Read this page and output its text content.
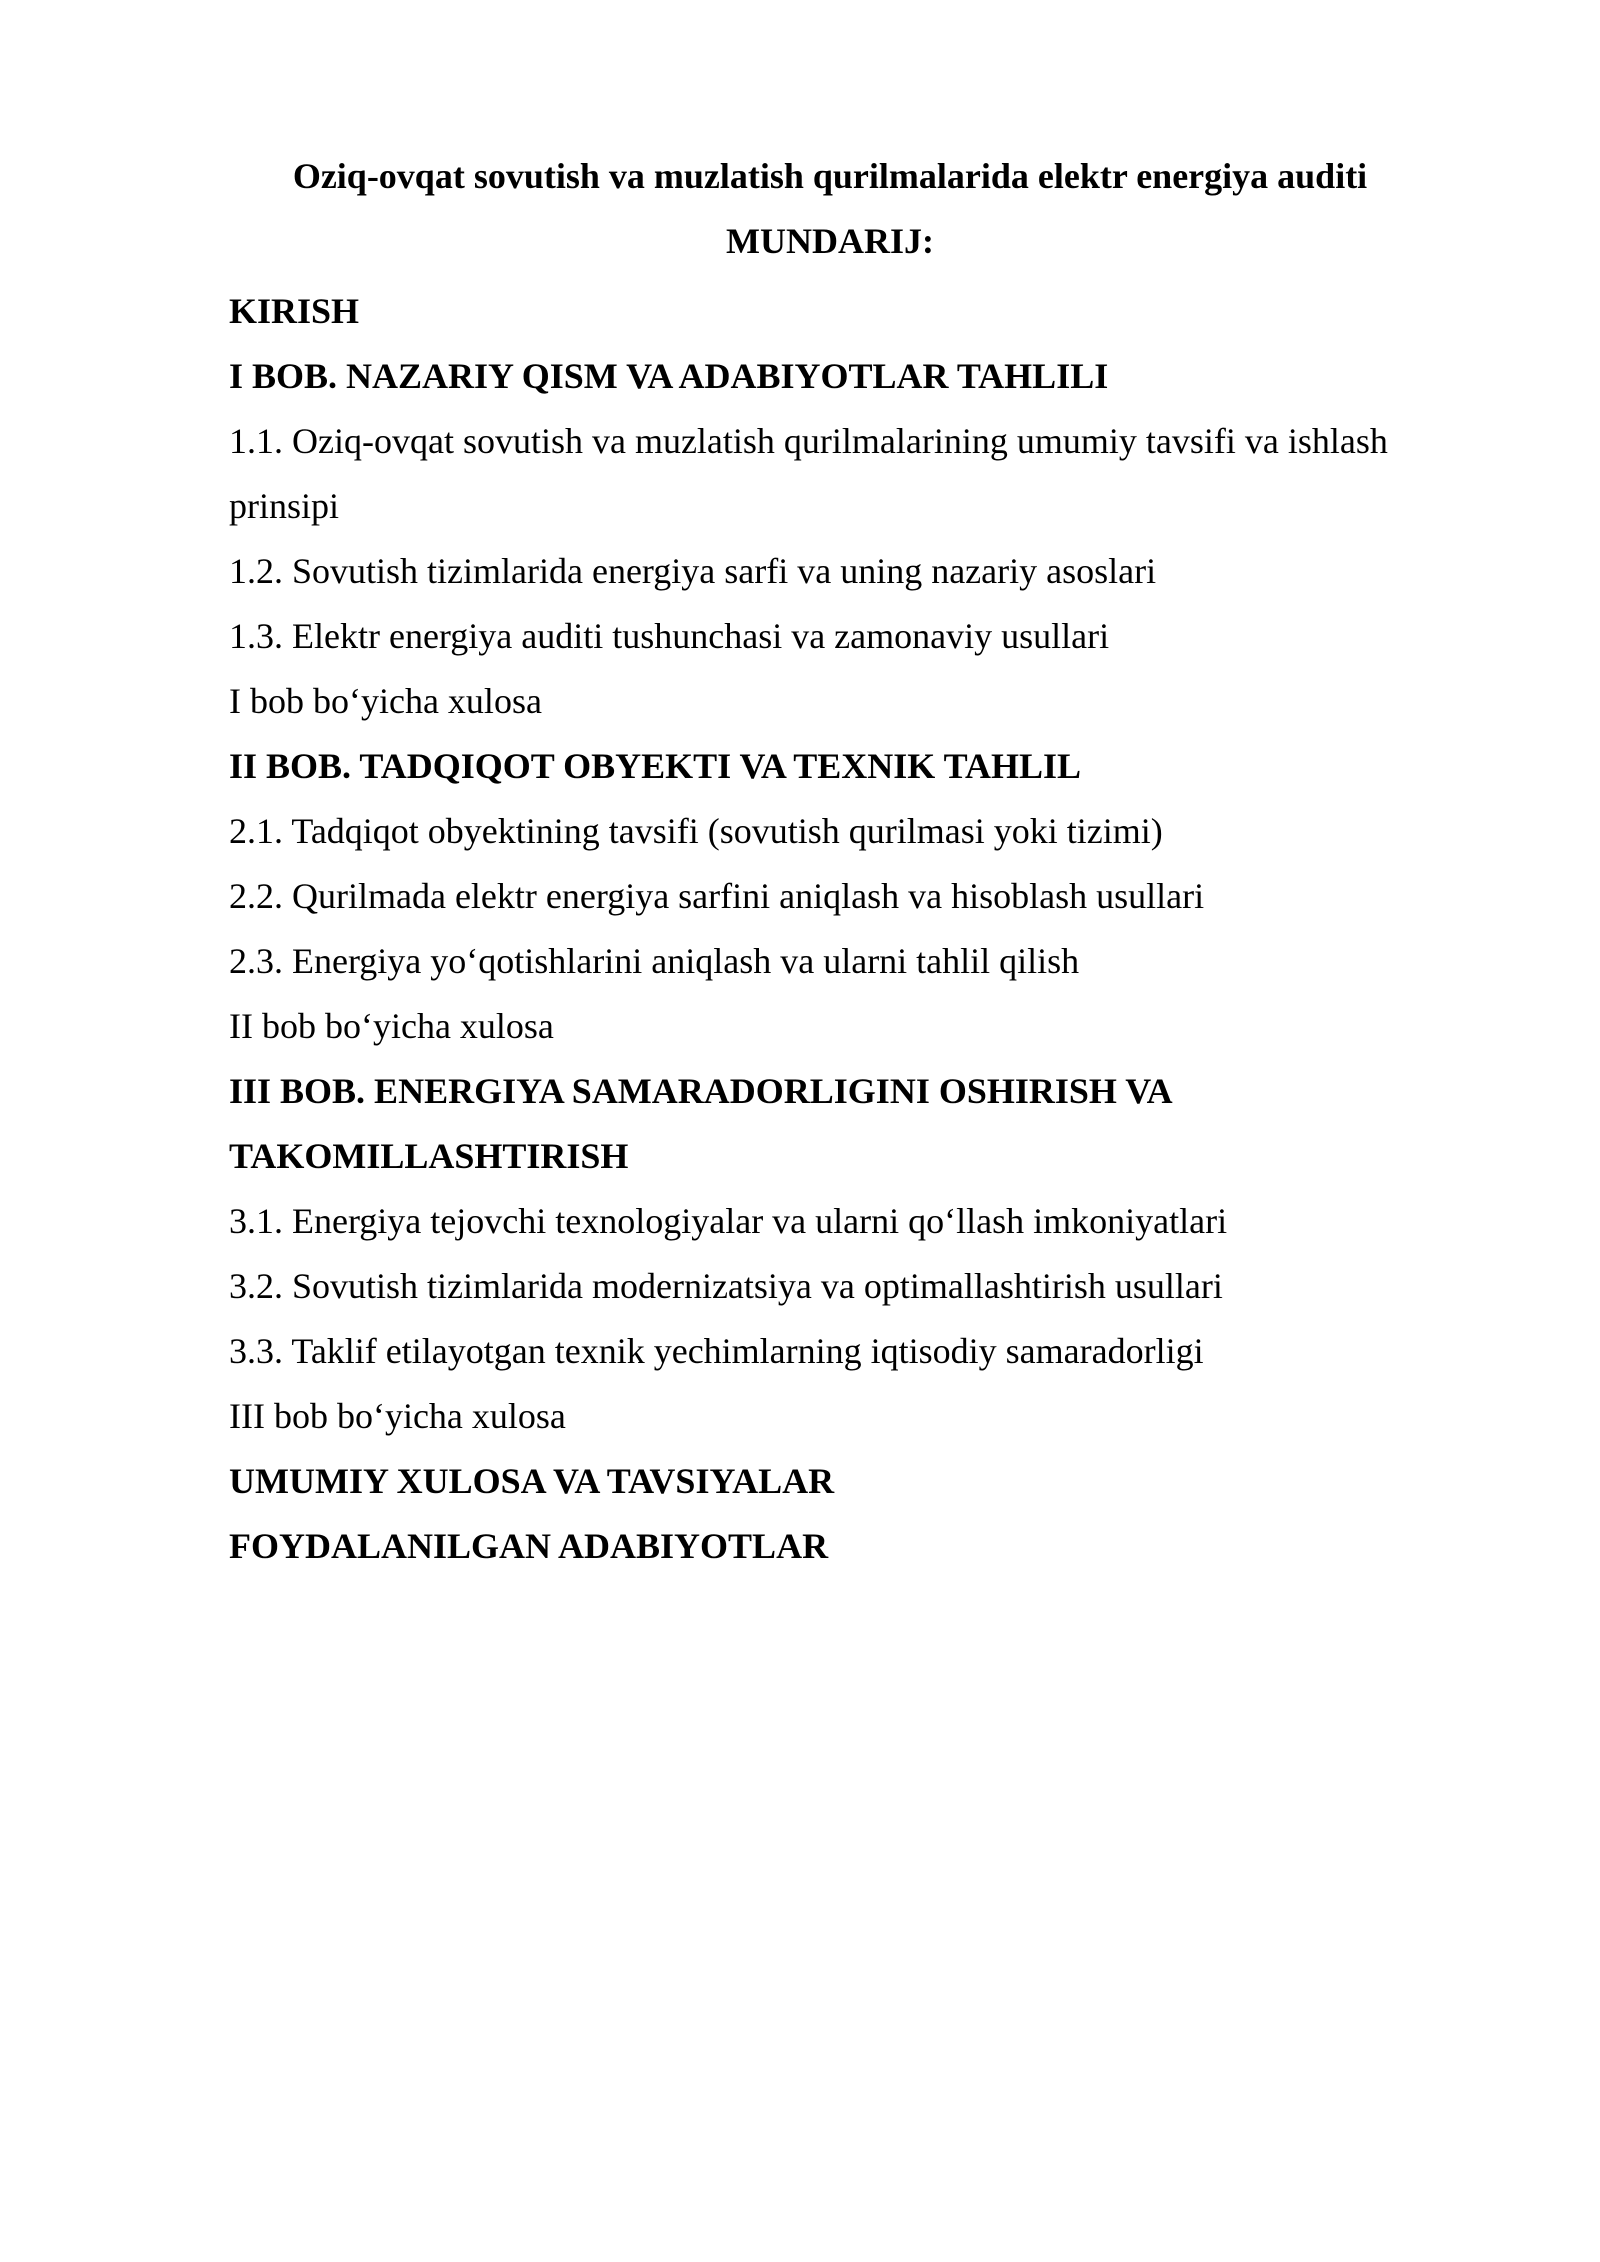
Oziq-ovqat sovutish va muzlatish qurilmalarida elektr energiya auditi
MUNDARIJ:
KIRISH
I BOB. NAZARIY QISM VA ADABIYOTLAR TAHLILI
1.1. Oziq-ovqat sovutish va muzlatish qurilmalarining umumiy tavsifi va ishlash
prinsipi
1.2. Sovutish tizimlarida energiya sarfi va uning nazariy asoslari
1.3. Elektr energiya auditi tushunchasi va zamonaviy usullari
I bob bo‘yicha xulosa
II BOB. TADQIQOT OBYEKTI VA TEXNIK TAHLIL
2.1. Tadqiqot obyektining tavsifi (sovutish qurilmasi yoki tizimi)
2.2. Qurilmada elektr energiya sarfini aniqlash va hisoblash usullari
2.3. Energiya yo‘qotishlarini aniqlash va ularni tahlil qilish
II bob bo‘yicha xulosa
III BOB. ENERGIYA SAMARADORLIGINI OSHIRISH VA
TAKOMILLASHTIRISH
3.1. Energiya tejovchi texnologiyalar va ularni qo‘llash imkoniyatlari
3.2. Sovutish tizimlarida modernizatsiya va optimallashtirish usullari
3.3. Taklif etilayotgan texnik yechimlarning iqtisodiy samaradorligi
III bob bo‘yicha xulosa
UMUMIY XULOSA VA TAVSIYALAR
FOYDALANILGAN ADABIYOTLAR
